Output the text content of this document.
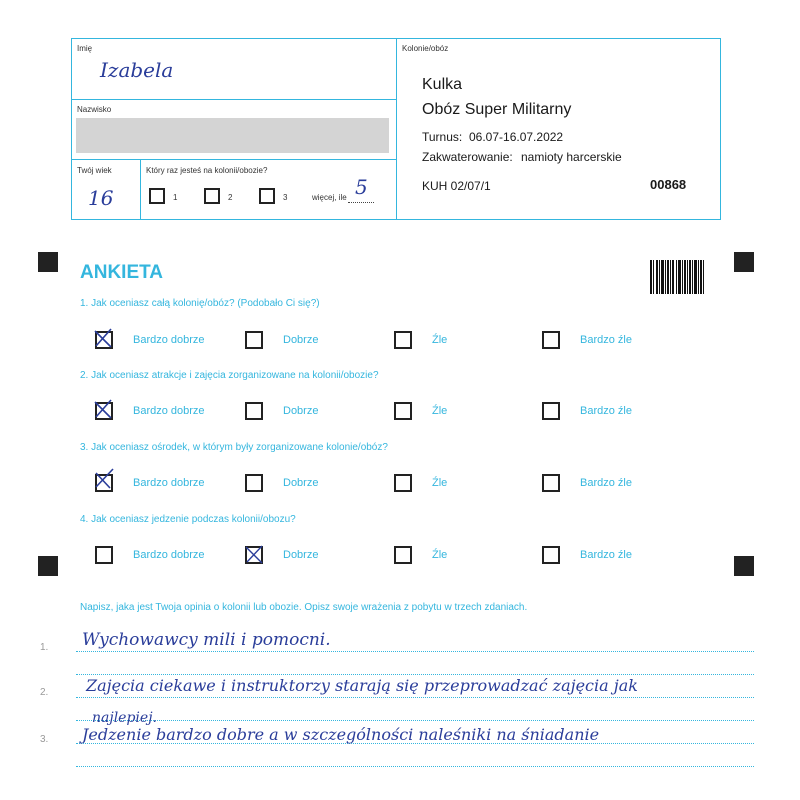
Imię
Izabela
Nazwisko
Twój wiek
16
Który raz jesteś na kolonii/obozie?
1	2	3	więcej, ile 5
Kolonie/obóz
Kulka
Obóz Super Militarny
Turnus: 06.07-16.07.2022
Zakwaterowanie: namioty harcerskie
KUH 02/07/1	00868
ANKIETA
1. Jak oceniasz całą kolonię/obóz? (Podobało Ci się?)
2. Jak oceniasz atrakcje i zajęcia zorganizowane na kolonii/obozie?
3. Jak oceniasz ośrodek, w którym były zorganizowane kolonie/obóz?
4. Jak oceniasz jedzenie podczas kolonii/obozu?
Bardzo dobrze	Dobrze	Źle	Bardzo źle
Bardzo dobrze	Dobrze	Źle	Bardzo źle
Bardzo dobrze	Dobrze	Źle	Bardzo źle
Bardzo dobrze	Dobrze	Źle	Bardzo źle
Napisz, jaka jest Twoja opinia o kolonii lub obozie. Opisz swoje wrażenia z pobytu w trzech zdaniach.
1.
2.
3.
Wychowawcy mili i pomocni.
Zajęcia ciekawe i instruktorzy starają się przeprowadzać zajęcia jak
najlepiej.
Jedzenie bardzo dobre a w szczególności naleśniki na śniadanie
